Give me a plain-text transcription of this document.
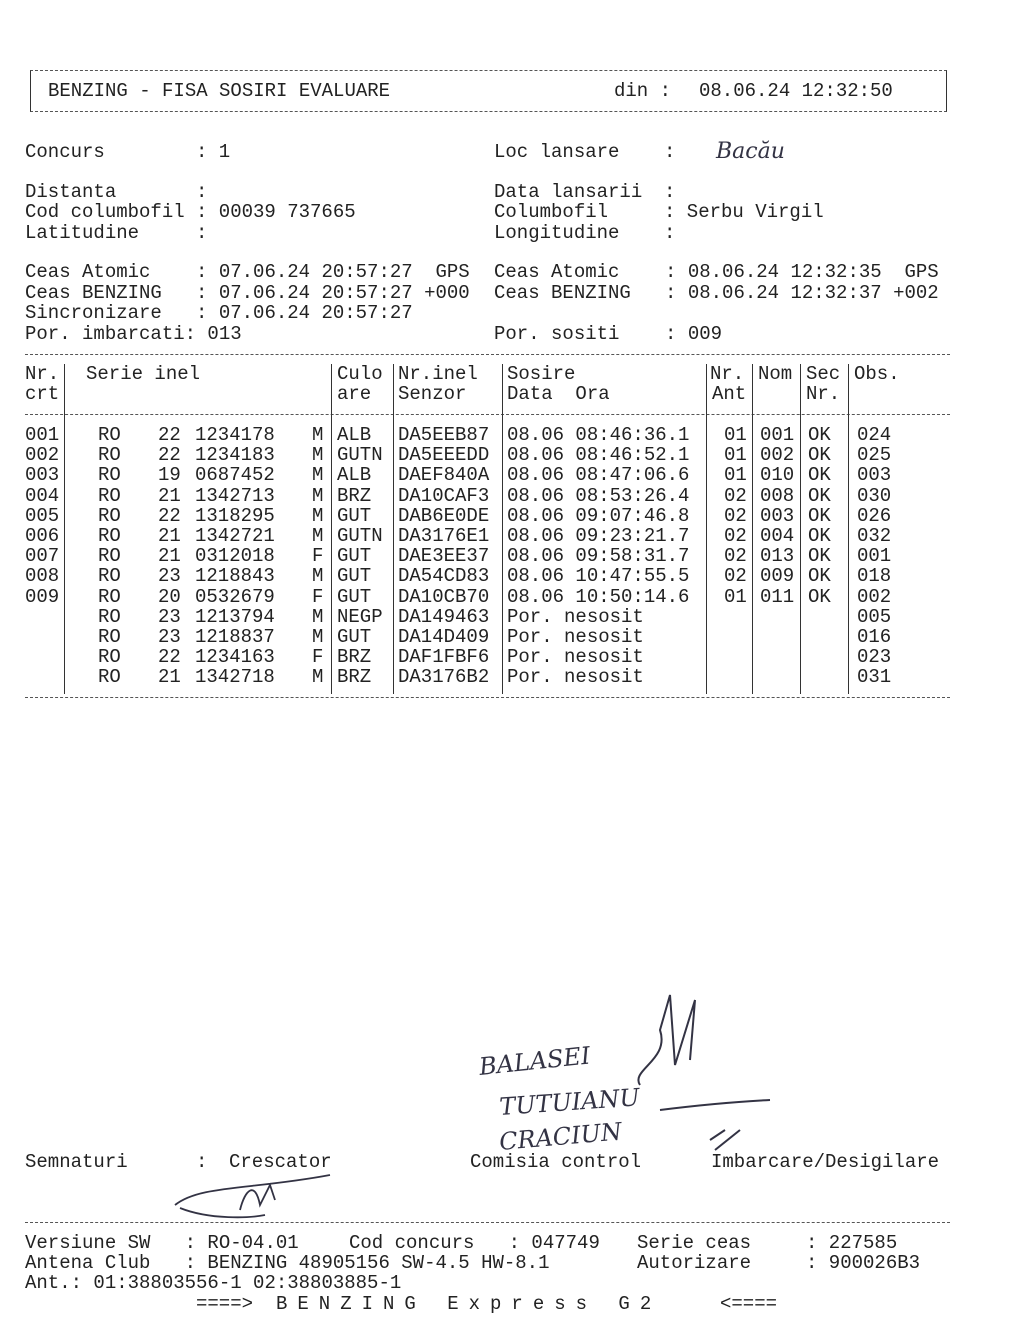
BENZING - FISA SOSIRI EVALUARE	din : 08.06.24 12:32:50
Concurs	: 1	Loc lansare : Bacău
Distanta	:	Data lansarii :
Cod columbofil : 00039 737665	Columbofil	: Serbu Virgil
Latitudine	:	Longitudine :
Ceas Atomic    : 07.06.24 20:57:27  GPS
Ceas BENZING   : 07.06.24 20:57:27 +000
Sincronizare   : 07.06.24 20:57:27
Por. imbarcati: 013
Ceas Atomic    : 08.06.24 12:32:35  GPS
Ceas BENZING   : 08.06.24 12:32:37 +002
Por. sositi    : 009
Nr.
crt
Serie inel	Culo
are
Nr.inel
Senzor
Sosire
Data  Ora
Nr.
Ant
Nom Sec
Nr.
Obs.
001 RO 22 1234178 M ALB DA5EEB87 08.06 08:46:36.1 01 001 OK 024
002 RO 22 1234183 M GUTN DA5EEEDD 08.06 08:46:52.1 01 002 OK 025
003 RO 19 0687452 M ALB DAEF840A 08.06 08:47:06.6 01 010 OK 003
004 RO 21 1342713 M BRZ DA10CAF3 08.06 08:53:26.4 02 008 OK 030
005 RO 22 1318295 M GUT DAB6E0DE 08.06 09:07:46.8 02 003 OK 026
006 RO 21 1342721 M GUTN DA3176E1 08.06 09:23:21.7 02 004 OK 032
007 RO 21 0312018 F GUT DAE3EE37 08.06 09:58:31.7 02 013 OK 001
008 RO 23 1218843 M GUT DA54CD83 08.06 10:47:55.5 02 009 OK 018
009 RO 20 0532679 F GUT DA10CB70 08.06 10:50:14.6 01 011 OK 002
RO 23 1213794 M NEGP DA149463 Por. nesosit	005
RO 23 1218837 M GUT DA14D409 Por. nesosit	016
RO 22 1234163 F BRZ DAF1FBF6 Por. nesosit	023
RO 21 1342718 M BRZ DA3176B2 Por. nesosit	031
BALASEI
TUTUIANU
CRACIUN
Semnaturi	: Crescator	Comisia control	Imbarcare/Desigilare
Versiune SW   : RO-04.01	Cod concurs   : 047749 Serie ceas	: 227585
Antena Club   : BENZING 48905156 SW-4.5 HW-8.1	Autorizare	: 900026B3
Ant.: 01:38803556-1 02:38803885-1
====> BENZING Express G2	<====
